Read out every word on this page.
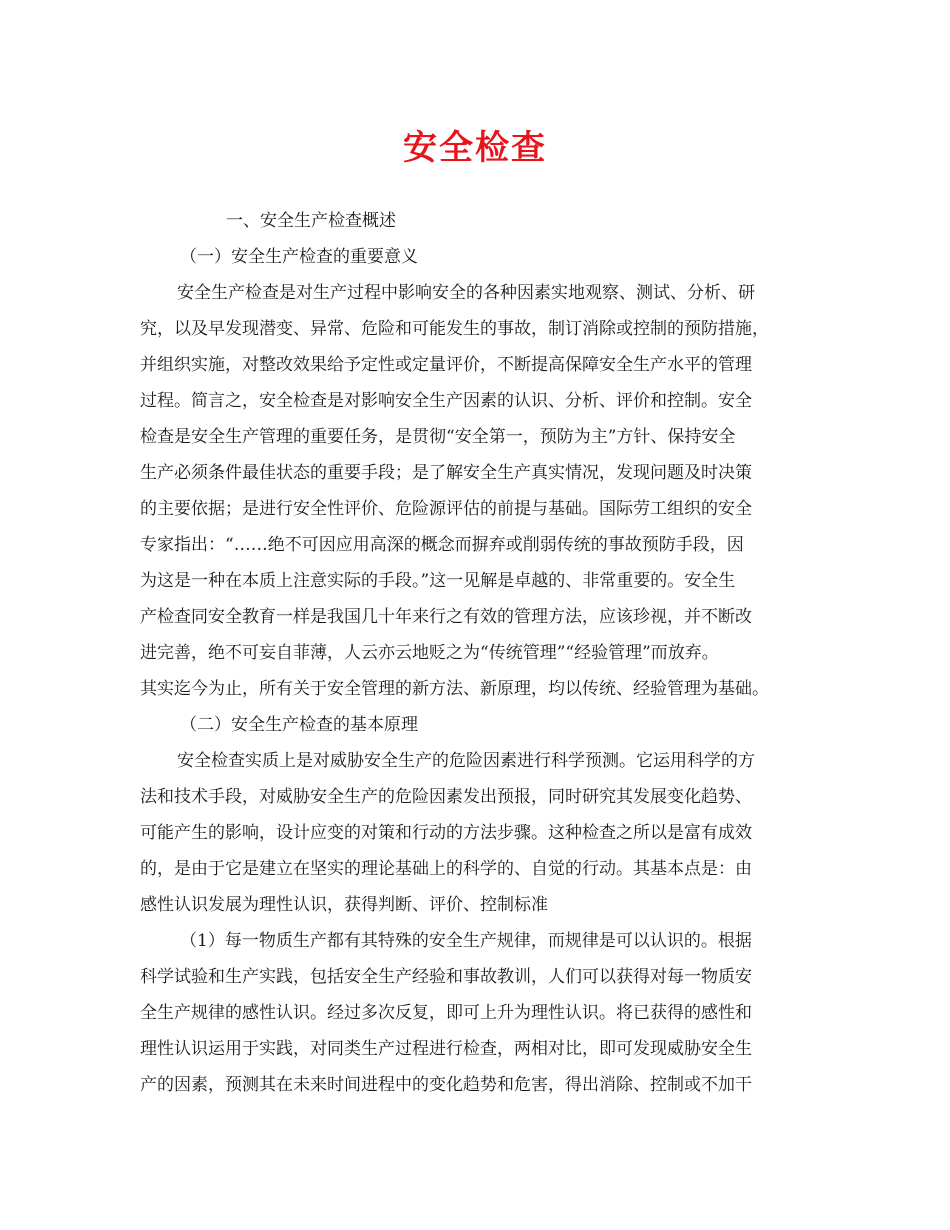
安全检查
一、安全生产检查概述
（一）安全生产检查的重要意义
安全生产检查是对生产过程中影响安全的各种因素实地观察、测试、分析、研
究，以及早发现潜变、异常、危险和可能发生的事故，制订消除或控制的预防措施，
并组织实施，对整改效果给予定性或定量评价，不断提高保障安全生产水平的管理
过程。简言之，安全检查是对影响安全生产因素的认识、分析、评价和控制。安全
检查是安全生产管理的重要任务，是贯彻“安全第一，预防为主”方针、保持安全
生产必须条件最佳状态的重要手段；是了解安全生产真实情况，发现问题及时决策
的主要依据；是进行安全性评价、危险源评估的前提与基础。国际劳工组织的安全
专家指出：“……绝不可因应用高深的概念而摒弃或削弱传统的事故预防手段，因
为这是一种在本质上注意实际的手段。”这一见解是卓越的、非常重要的。安全生
产检查同安全教育一样是我国几十年来行之有效的管理方法，应该珍视，并不断改
进完善，绝不可妄自菲薄，人云亦云地贬之为“传统管理”“经验管理”而放弃。
其实迄今为止，所有关于安全管理的新方法、新原理，均以传统、经验管理为基础。
（二）安全生产检查的基本原理
安全检查实质上是对威胁安全生产的危险因素进行科学预测。它运用科学的方
法和技术手段，对威胁安全生产的危险因素发出预报，同时研究其发展变化趋势、
可能产生的影响，设计应变的对策和行动的方法步骤。这种检查之所以是富有成效
的，是由于它是建立在坚实的理论基础上的科学的、自觉的行动。其基本点是：由
感性认识发展为理性认识，获得判断、评价、控制标准
（1）每一物质生产都有其特殊的安全生产规律，而规律是可以认识的。根据
科学试验和生产实践，包括安全生产经验和事故教训，人们可以获得对每一物质安
全生产规律的感性认识。经过多次反复，即可上升为理性认识。将已获得的感性和
理性认识运用于实践，对同类生产过程进行检查，两相对比，即可发现威胁安全生
产的因素，预测其在未来时间进程中的变化趋势和危害，得出消除、控制或不加干
